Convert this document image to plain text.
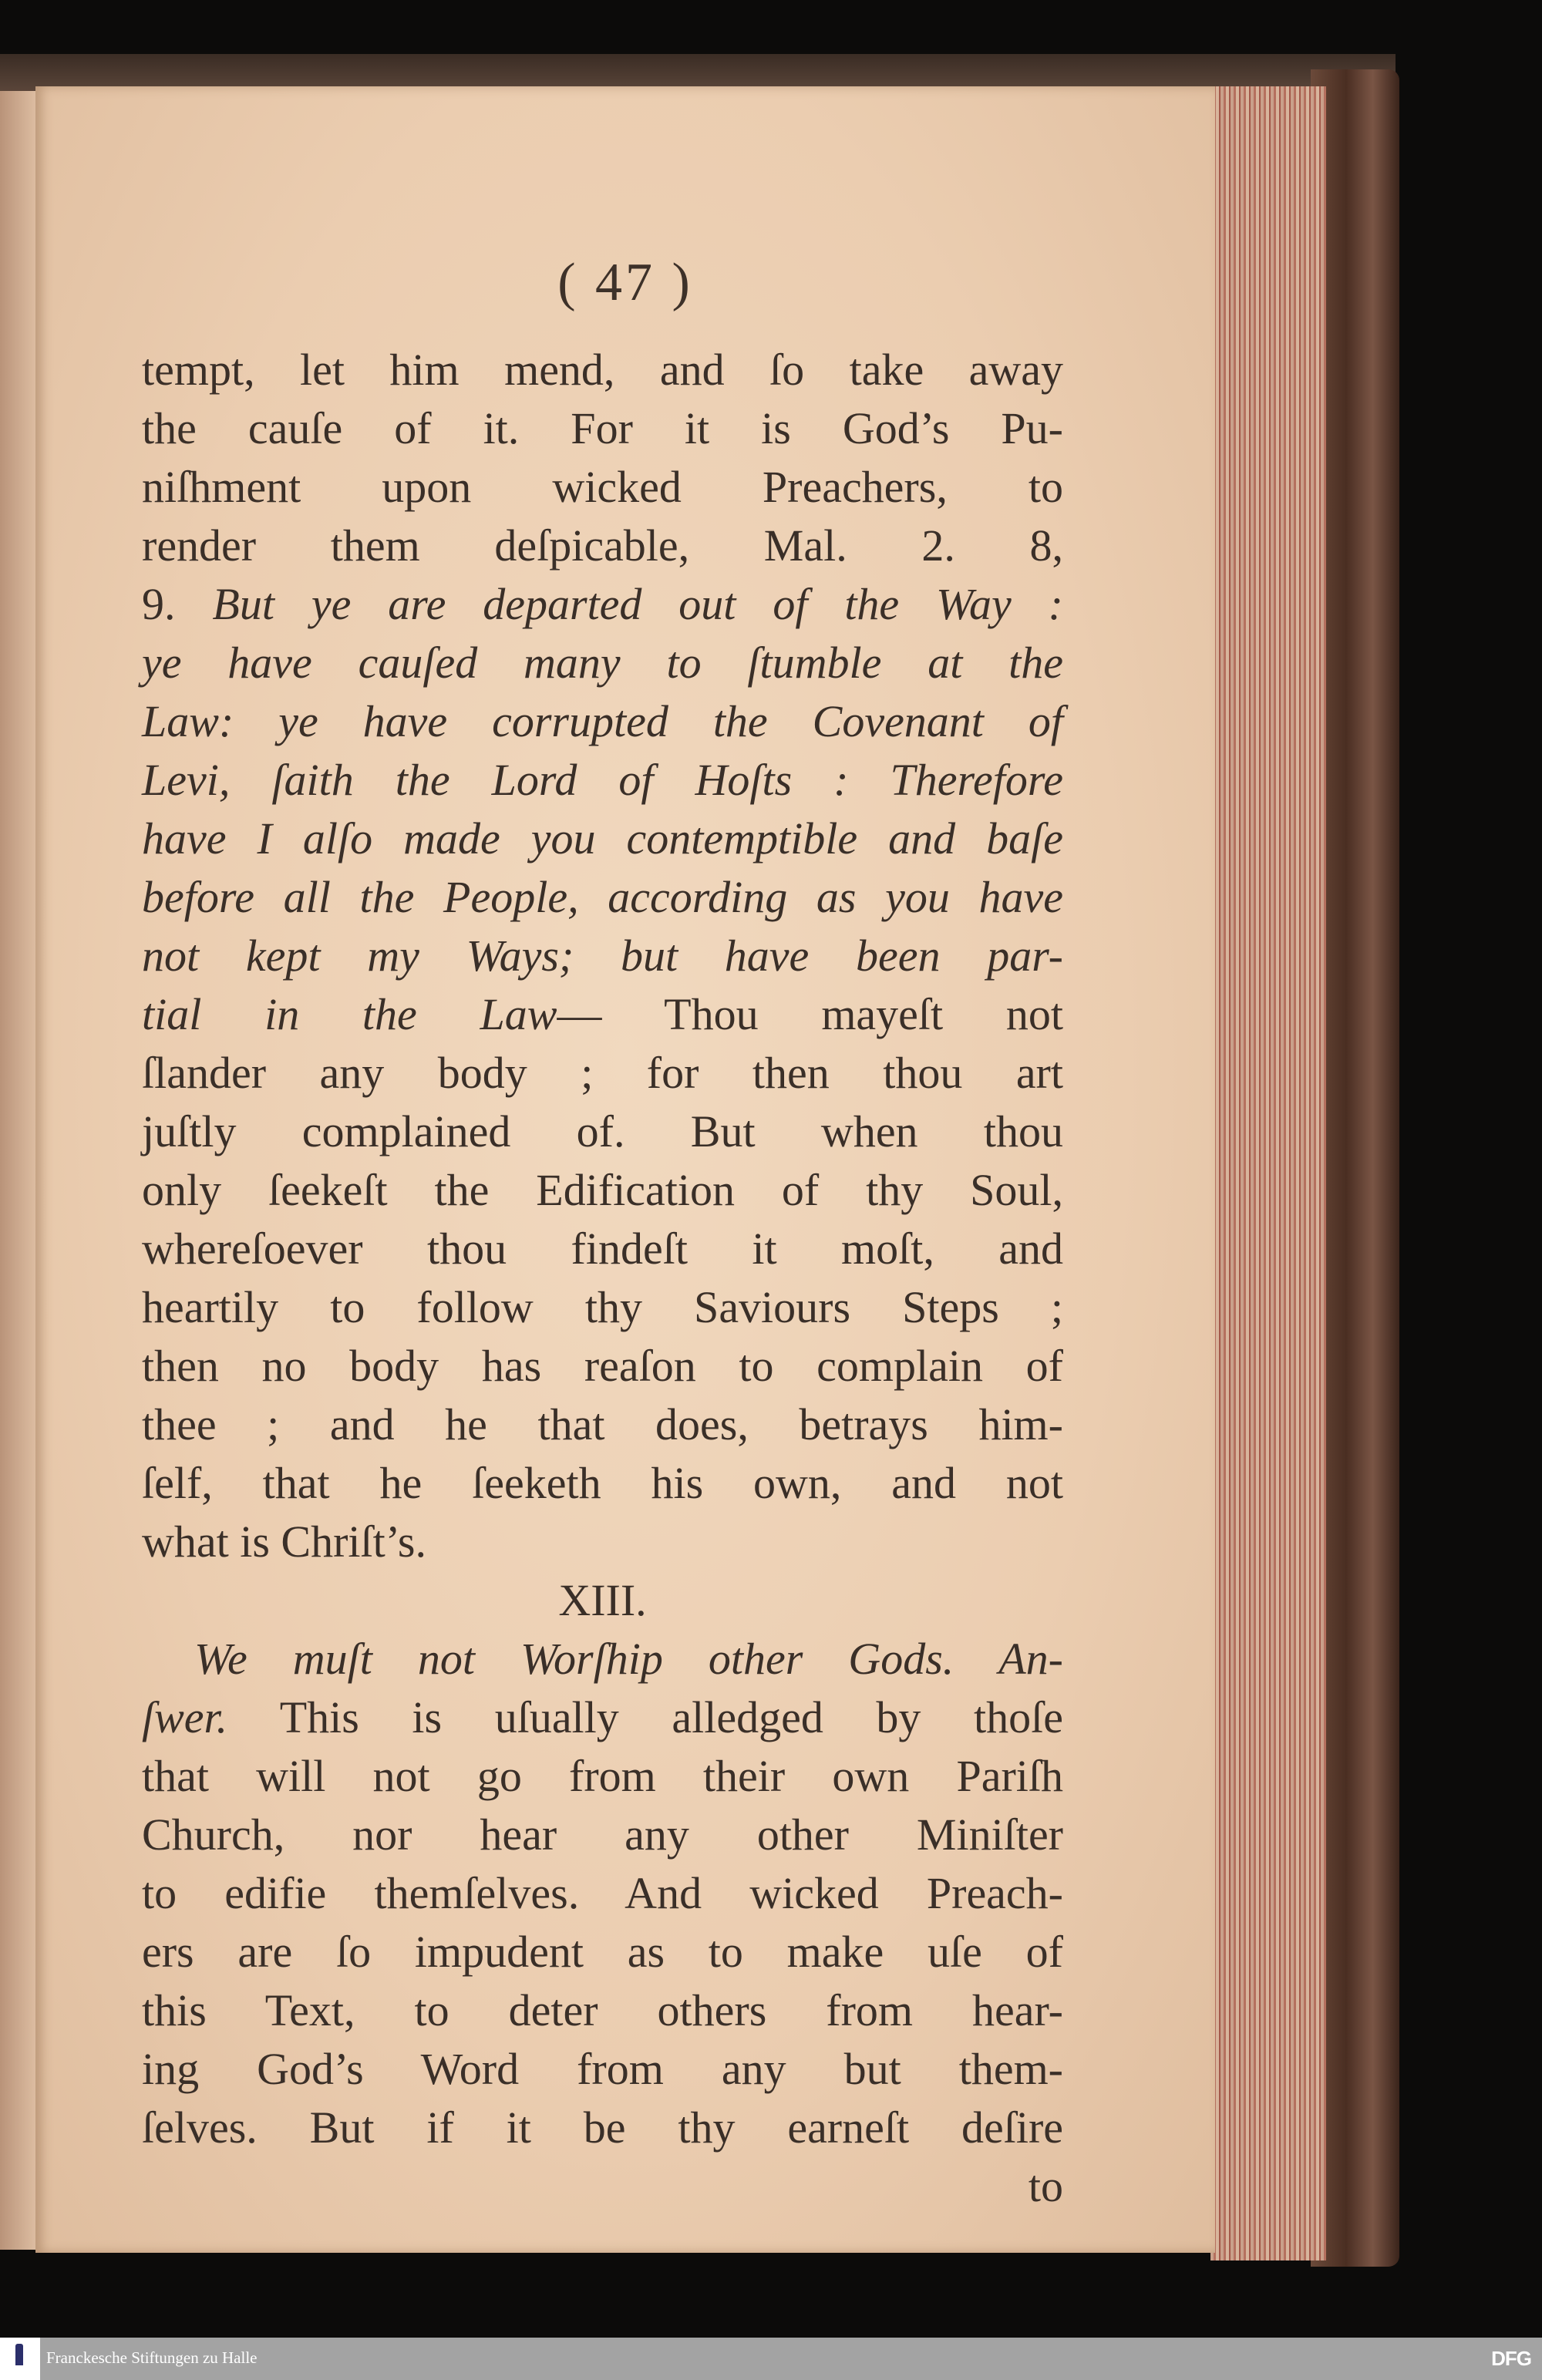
( 47 )
tempt, let him mend, and ſo take away
the cauſe of it. For it is God’s Pu-
niſhment upon wicked Preachers, to
render them deſpicable, Mal. 2. 8,
9. But ye are departed out of the Way :
ye have cauſed many to ſtumble at the
Law: ye have corrupted the Covenant of
Levi, ſaith the Lord of Hoſts : Therefore
have I alſo made you contemptible and baſe
before all the People, according as you have
not kept my Ways; but have been par-
tial in the Law— Thou mayeſt not
ſlander any body ; for then thou art
juſtly complained of. But when thou
only ſeekeſt the Edification of thy Soul,
whereſoever thou findeſt it moſt, and
heartily to follow thy Saviours Steps ;
then no body has reaſon to complain of
thee ; and he that does, betrays him-
ſelf, that he ſeeketh his own, and not
what is Chriſt’s.
XIII.
We muſt not Worſhip other Gods. An-
ſwer. This is uſually alledged by thoſe
that will not go from their own Pariſh
Church, nor hear any other Miniſter
to edifie themſelves. And wicked Preach-
ers are ſo impudent as to make uſe of
this Text, to deter others from hear-
ing God’s Word from any but them-
ſelves. But if it be thy earneſt deſire
to
Franckesche Stiftungen zu Halle	DFG
